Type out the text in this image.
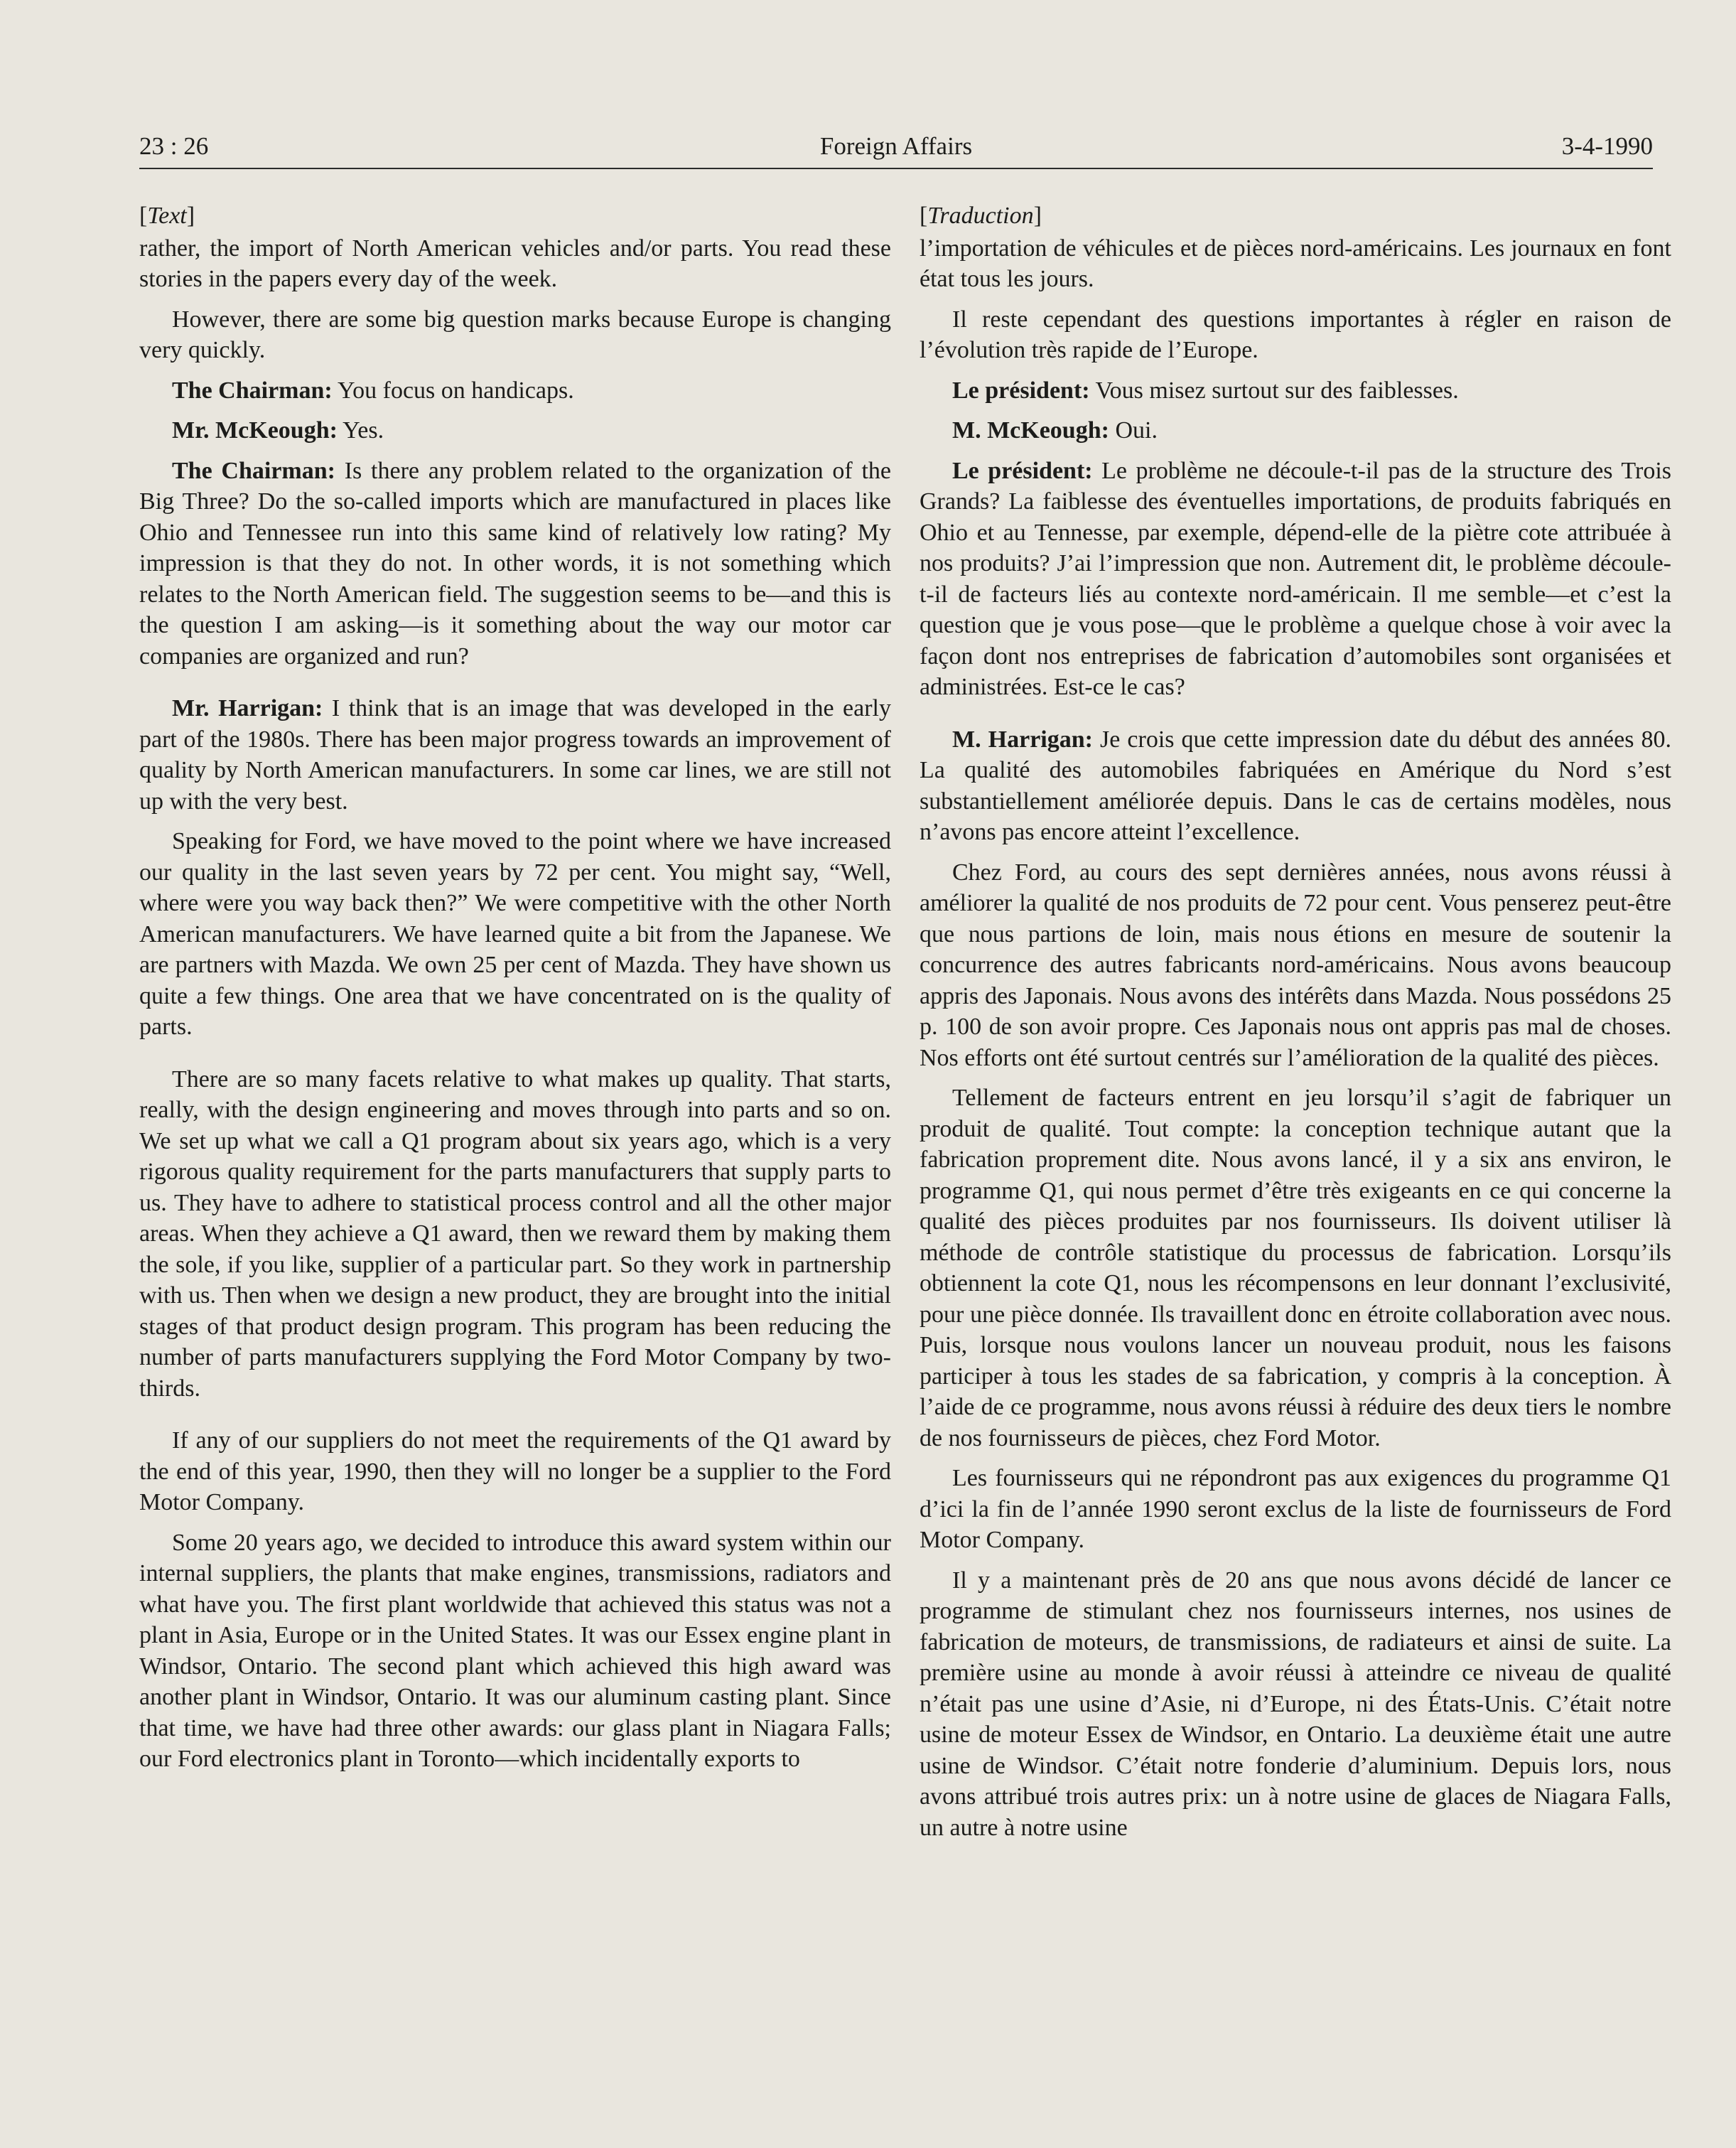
23 : 26	Foreign Affairs	3-4-1990
[Text]

rather, the import of North American vehicles and/or parts. You read these stories in the papers every day of the week.

However, there are some big question marks because Europe is changing very quickly.

The Chairman: You focus on handicaps.

Mr. McKeough: Yes.

The Chairman: Is there any problem related to the organization of the Big Three? Do the so-called imports which are manufactured in places like Ohio and Tennessee run into this same kind of relatively low rating? My impression is that they do not. In other words, it is not something which relates to the North American field. The suggestion seems to be—and this is the question I am asking—is it something about the way our motor car companies are organized and run?

Mr. Harrigan: I think that is an image that was developed in the early part of the 1980s. There has been major progress towards an improvement of quality by North American manufacturers. In some car lines, we are still not up with the very best.

Speaking for Ford, we have moved to the point where we have increased our quality in the last seven years by 72 per cent. You might say, “Well, where were you way back then?” We were competitive with the other North American manufacturers. We have learned quite a bit from the Japanese. We are partners with Mazda. We own 25 per cent of Mazda. They have shown us quite a few things. One area that we have concentrated on is the quality of parts.

There are so many facets relative to what makes up quality. That starts, really, with the design engineering and moves through into parts and so on. We set up what we call a Q1 program about six years ago, which is a very rigorous quality requirement for the parts manufacturers that supply parts to us. They have to adhere to statistical process control and all the other major areas. When they achieve a Q1 award, then we reward them by making them the sole, if you like, supplier of a particular part. So they work in partnership with us. Then when we design a new product, they are brought into the initial stages of that product design program. This program has been reducing the number of parts manufacturers supplying the Ford Motor Company by two-thirds.

If any of our suppliers do not meet the requirements of the Q1 award by the end of this year, 1990, then they will no longer be a supplier to the Ford Motor Company.

Some 20 years ago, we decided to introduce this award system within our internal suppliers, the plants that make engines, transmissions, radiators and what have you. The first plant worldwide that achieved this status was not a plant in Asia, Europe or in the United States. It was our Essex engine plant in Windsor, Ontario. The second plant which achieved this high award was another plant in Windsor, Ontario. It was our aluminum casting plant. Since that time, we have had three other awards: our glass plant in Niagara Falls; our Ford electronics plant in Toronto—which incidentally exports to

[Traduction]

l’importation de véhicules et de pièces nord-américains. Les journaux en font état tous les jours.

Il reste cependant des questions importantes à régler en raison de l’évolution très rapide de l’Europe.

Le président: Vous misez surtout sur des faiblesses.

M. McKeough: Oui.

Le président: Le problème ne découle-t-il pas de la structure des Trois Grands? La faiblesse des éventuelles importations, de produits fabriqués en Ohio et au Tennesse, par exemple, dépend-elle de la piètre cote attribuée à nos produits? J’ai l’impression que non. Autrement dit, le problème découle-t-il de facteurs liés au contexte nord-américain. Il me semble—et c’est la question que je vous pose—que le problème a quelque chose à voir avec la façon dont nos entreprises de fabrication d’automobiles sont organisées et administrées. Est-ce le cas?

M. Harrigan: Je crois que cette impression date du début des années 80. La qualité des automobiles fabriquées en Amérique du Nord s’est substantiellement améliorée depuis. Dans le cas de certains modèles, nous n’avons pas encore atteint l’excellence.

Chez Ford, au cours des sept dernières années, nous avons réussi à améliorer la qualité de nos produits de 72 pour cent. Vous penserez peut-être que nous partions de loin, mais nous étions en mesure de soutenir la concurrence des autres fabricants nord-américains. Nous avons beaucoup appris des Japonais. Nous avons des intérêts dans Mazda. Nous possédons 25 p. 100 de son avoir propre. Ces Japonais nous ont appris pas mal de choses. Nos efforts ont été surtout centrés sur l’amélioration de la qualité des pièces.

Tellement de facteurs entrent en jeu lorsqu’il s’agit de fabriquer un produit de qualité. Tout compte: la conception technique autant que la fabrication proprement dite. Nous avons lancé, il y a six ans environ, le programme Q1, qui nous permet d’être très exigeants en ce qui concerne la qualité des pièces produites par nos fournisseurs. Ils doivent utiliser là méthode de contrôle statistique du processus de fabrication. Lorsqu’ils obtiennent la cote Q1, nous les récompensons en leur donnant l’exclusivité, pour une pièce donnée. Ils travaillent donc en étroite collaboration avec nous. Puis, lorsque nous voulons lancer un nouveau produit, nous les faisons participer à tous les stades de sa fabrication, y compris à la conception. À l’aide de ce programme, nous avons réussi à réduire des deux tiers le nombre de nos fournisseurs de pièces, chez Ford Motor.

Les fournisseurs qui ne répondront pas aux exigences du programme Q1 d’ici la fin de l’année 1990 seront exclus de la liste de fournisseurs de Ford Motor Company.

Il y a maintenant près de 20 ans que nous avons décidé de lancer ce programme de stimulant chez nos fournisseurs internes, nos usines de fabrication de moteurs, de transmissions, de radiateurs et ainsi de suite. La première usine au monde à avoir réussi à atteindre ce niveau de qualité n’était pas une usine d’Asie, ni d’Europe, ni des États-Unis. C’était notre usine de moteur Essex de Windsor, en Ontario. La deuxième était une autre usine de Windsor. C’était notre fonderie d’aluminium. Depuis lors, nous avons attribué trois autres prix: un à notre usine de glaces de Niagara Falls, un autre à notre usine
